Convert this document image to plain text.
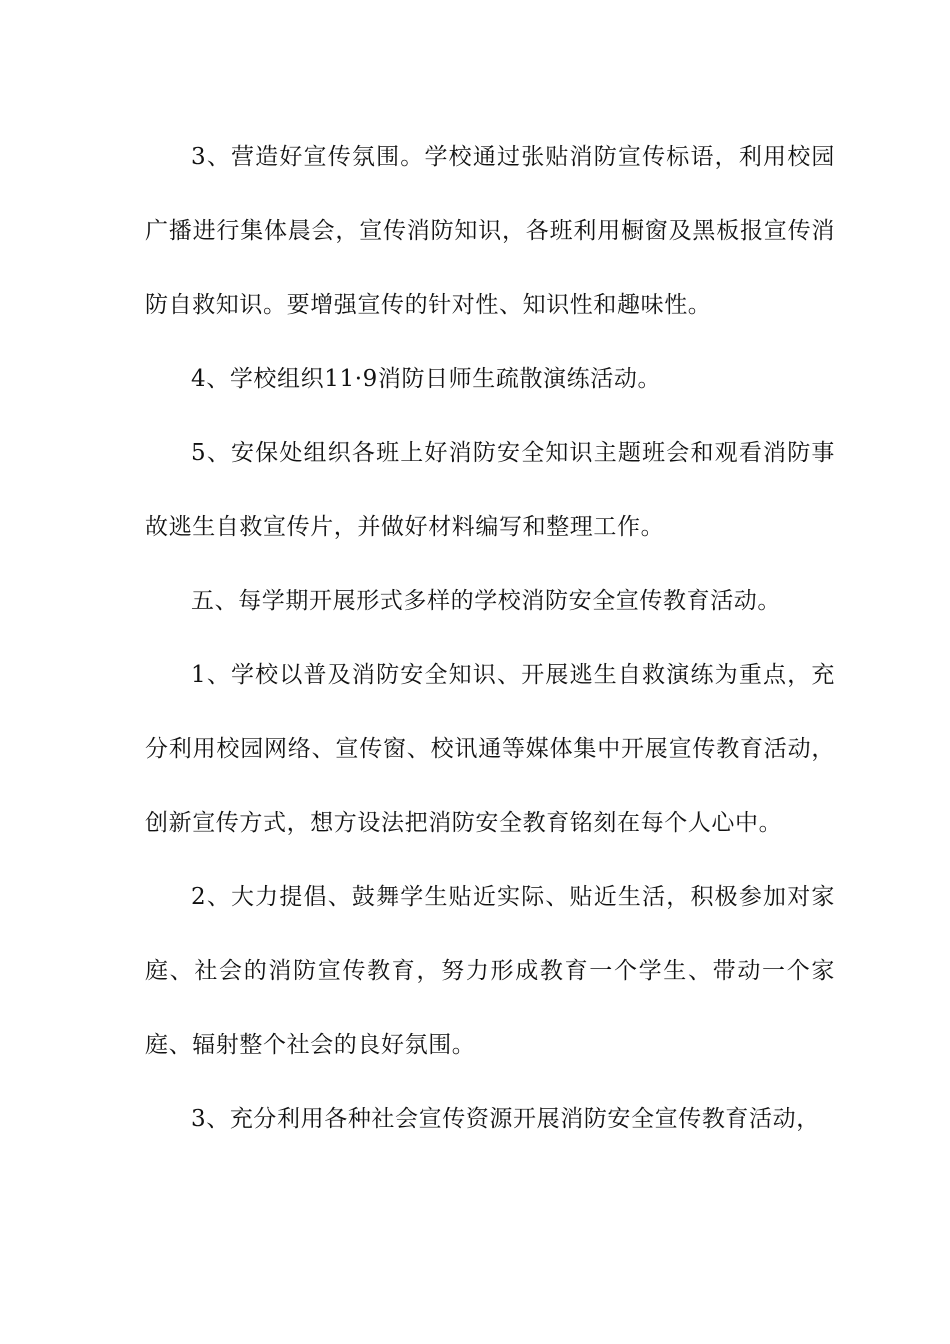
3、营造好宣传氛围。学校通过张贴消防宣传标语，利用校园广播进行集体晨会，宣传消防知识，各班利用橱窗及黑板报宣传消防自救知识。要增强宣传的针对性、知识性和趣味性。

4、学校组织11·9消防日师生疏散演练活动。

5、安保处组织各班上好消防安全知识主题班会和观看消防事故逃生自救宣传片，并做好材料编写和整理工作。

五、每学期开展形式多样的学校消防安全宣传教育活动。

1、学校以普及消防安全知识、开展逃生自救演练为重点，充分利用校园网络、宣传窗、校讯通等媒体集中开展宣传教育活动，创新宣传方式，想方设法把消防安全教育铭刻在每个人心中。

2、大力提倡、鼓舞学生贴近实际、贴近生活，积极参加对家庭、社会的消防宣传教育，努力形成教育一个学生、带动一个家庭、辐射整个社会的良好氛围。

3、充分利用各种社会宣传资源开展消防安全宣传教育活动，
